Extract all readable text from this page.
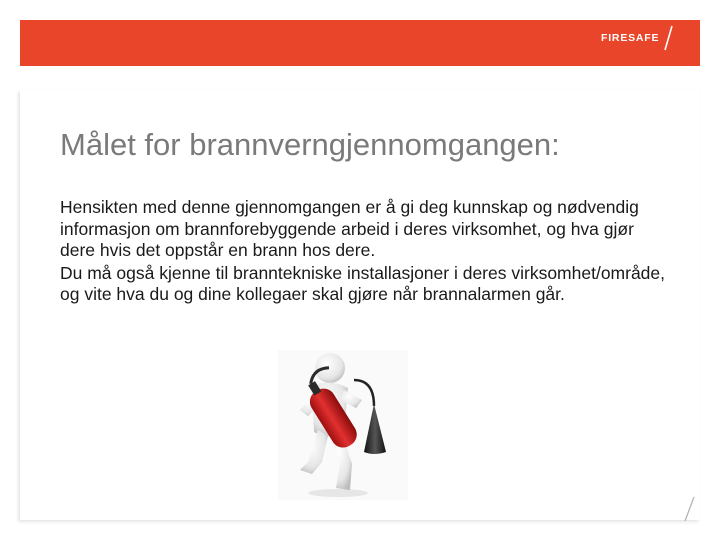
FIRESAFE
Målet for brannverngjennomgangen:

Hensikten med denne gjennomgangen er å gi deg kunnskap og nødvendig informasjon om brannforebyggende arbeid i deres virksomhet, og hva gjør dere hvis det oppstår en brann hos dere.

Du må også kjenne til branntekniske installasjoner i deres virksomhet/område, og vite hva du og dine kollegaer skal gjøre når brannalarmen går.
